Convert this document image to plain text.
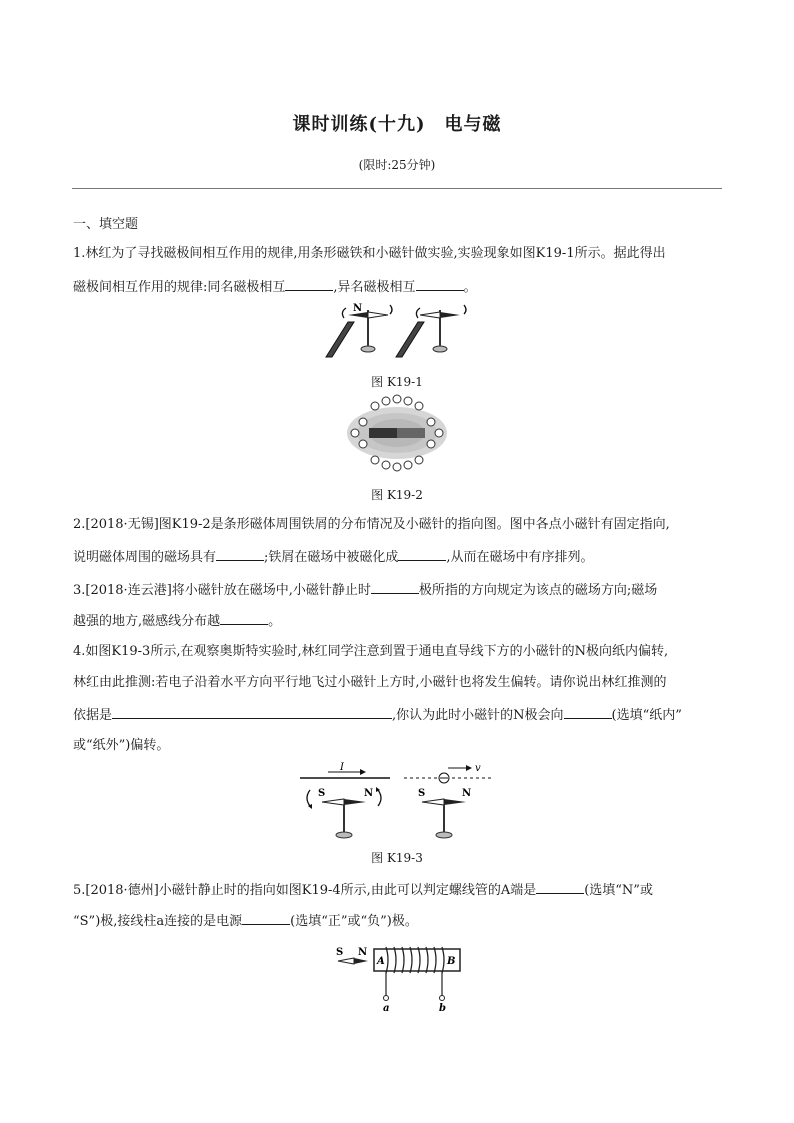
课时训练(十九)　电与磁
(限时:25分钟)
一、填空题
1.林红为了寻找磁极间相互作用的规律,用条形磁铁和小磁针做实验,实验现象如图K19-1所示。据此得出
磁极间相互作用的规律:同名磁极相互	,异名磁极相互	。
N
图 K19-1
图 K19-2
2.[2018·无锡]图K19-2是条形磁体周围铁屑的分布情况及小磁针的指向图。图中各点小磁针有固定指向,
说明磁体周围的磁场具有	;铁屑在磁场中被磁化成	,从而在磁场中有序排列。
3.[2018·连云港]将小磁针放在磁场中,小磁针静止时	极所指的方向规定为该点的磁场方向;磁场
越强的地方,磁感线分布越	。
4.如图K19-3所示,在观察奥斯特实验时,林红同学注意到置于通电直导线下方的小磁针的N极向纸内偏转,
林红由此推测:若电子沿着水平方向平行地飞过小磁针上方时,小磁针也将发生偏转。请你说出林红推测的
依据是	,你认为此时小磁针的N极会向	(选填“纸内”
或“纸外”)偏转。
I
S	N
v
S	N
图 K19-3
5.[2018·德州]小磁针静止时的指向如图K19-4所示,由此可以判定螺线管的A端是	(选填“N”或
“S”)极,接线柱a连接的是电源	(选填“正”或“负”)极。
S N
A	B
a	b
